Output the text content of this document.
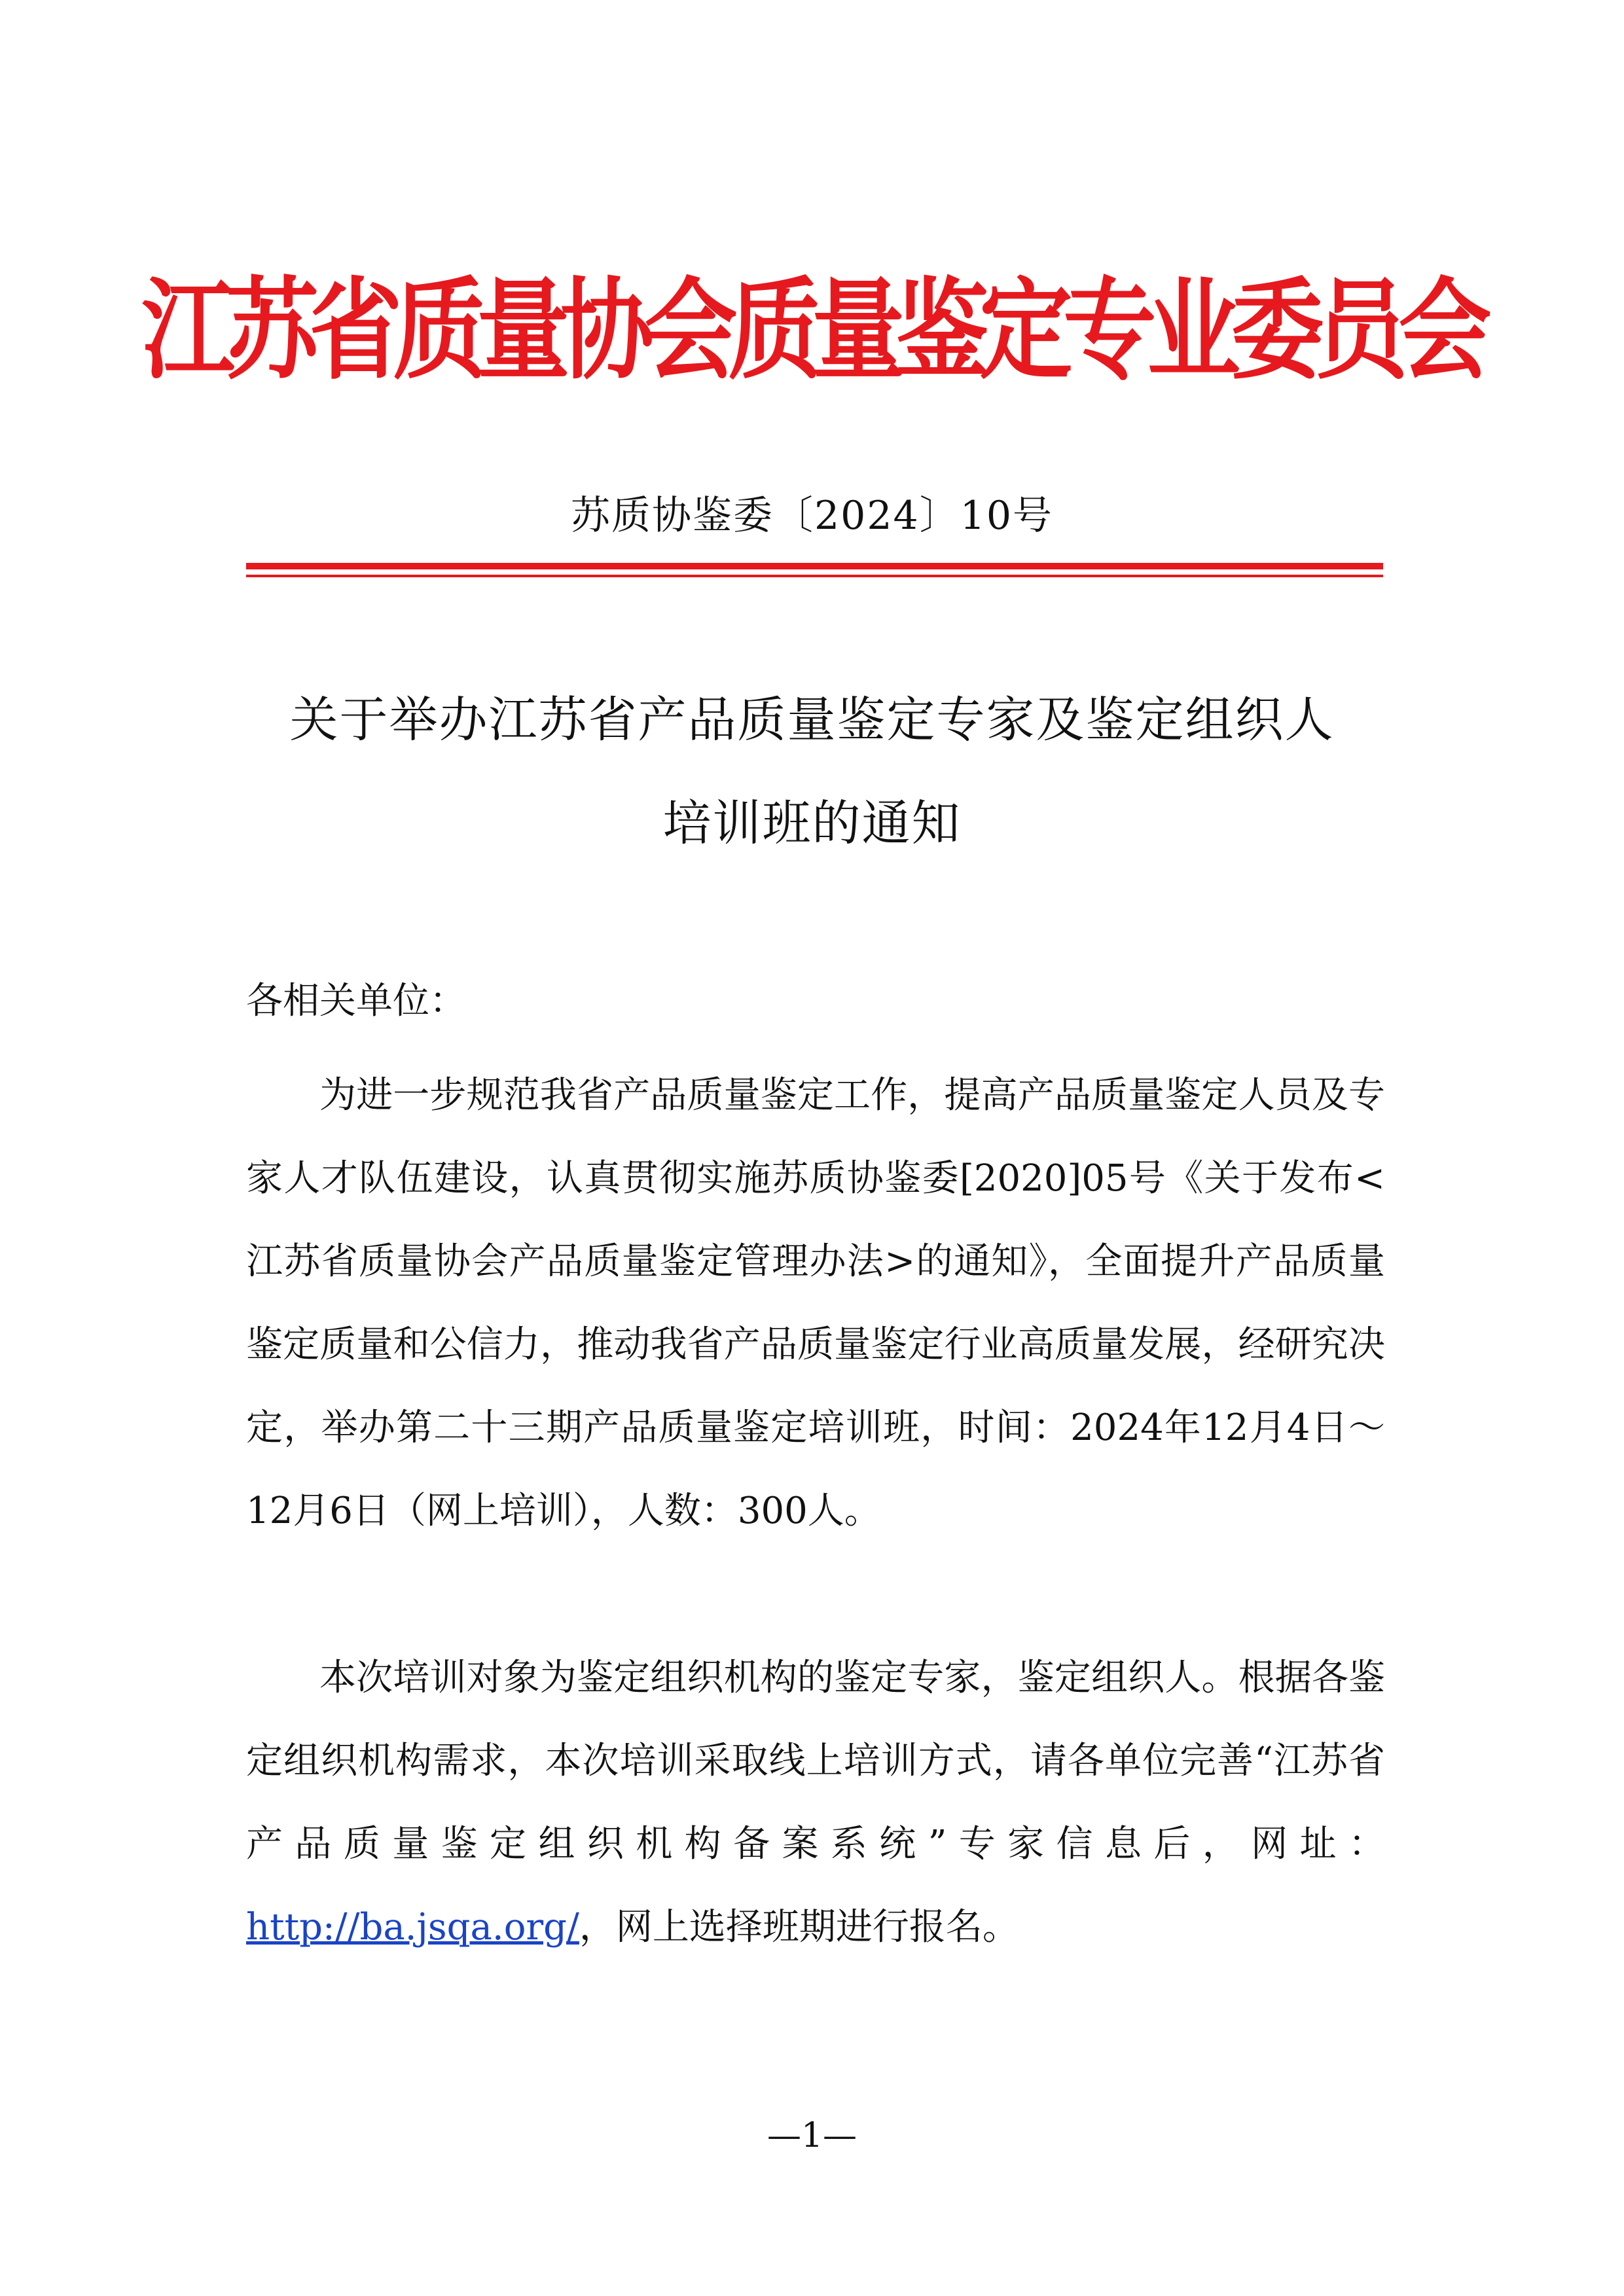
江苏省质量协会质量鉴定专业委员会
苏质协鉴委〔2024〕10号
关于举办江苏省产品质量鉴定专家及鉴定组织人
培训班的通知
各相关单位：

为进一步规范我省产品质量鉴定工作，提高产品质量鉴定人员及专家人才队伍建设，认真贯彻实施苏质协鉴委[2020]05号《关于发布<江苏省质量协会产品质量鉴定管理办法>的通知》，全面提升产品质量鉴定质量和公信力，推动我省产品质量鉴定行业高质量发展，经研究决定，举办第二十三期产品质量鉴定培训班，时间：2024年12月4日～12月6日（网上培训），人数：300人。

本次培训对象为鉴定组织机构的鉴定专家，鉴定组织人。根据各鉴定组织机构需求，本次培训采取线上培训方式，请各单位完善“江苏省产品质量鉴定组织机构备案系统”专家信息后，网址：http://ba.jsqa.org/，网上选择班期进行报名。

—1—
